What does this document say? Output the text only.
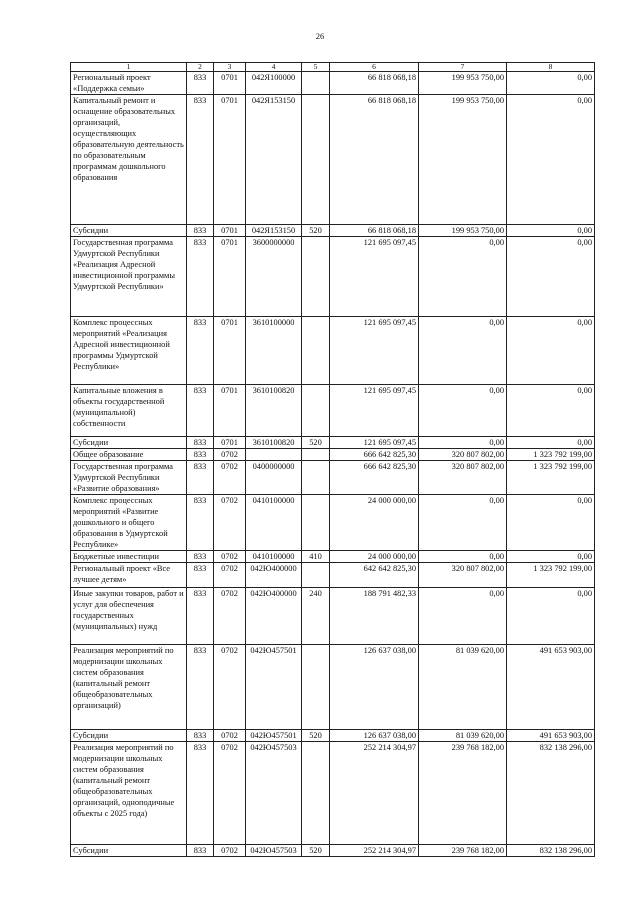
26
1	2	3	4	5	6	7	8
Региональный проект «Поддержка семьи»	833	0701	042Я100000		66 818 068,18	199 953 750,00	0,00
Капитальный ремонт и оснащение образовательных организаций, осуществляющих образовательную деятельность по образовательным программам дошкольного образования	833	0701	042Я153150		66 818 068,18	199 953 750,00	0,00
Субсидии	833	0701	042Я153150	520	66 818 068,18	199 953 750,00	0,00
Государственная программа Удмуртской Республики «Реализация Адресной инвестиционной программы Удмуртской Республики»	833	0701	3600000000		121 695 097,45	0,00	0,00
Комплекс процессных мероприятий «Реализация Адресной инвестиционной программы Удмуртской Республики»	833	0701	3610100000		121 695 097,45	0,00	0,00
Капитальные вложения в объекты государственной (муниципальной) собственности	833	0701	3610100820		121 695 097,45	0,00	0,00
Субсидии	833	0701	3610100820	520	121 695 097,45	0,00	0,00
Общее образование	833	0702			666 642 825,30	320 807 802,00	1 323 792 199,00
Государственная программа Удмуртской Республики «Развитие образования»	833	0702	0400000000		666 642 825,30	320 807 802,00	1 323 792 199,00
Комплекс процессных мероприятий «Развитие дошкольного и общего образования в Удмуртской Республике»	833	0702	0410100000		24 000 000,00	0,00	0,00
Бюджетные инвестиции	833	0702	0410100000	410	24 000 000,00	0,00	0,00
Региональный проект «Все лучшее детям»	833	0702	042Ю400000		642 642 825,30	320 807 802,00	1 323 792 199,00
Иные закупки товаров, работ и услуг для обеспечения государственных (муниципальных) нужд	833	0702	042Ю400000	240	188 791 482,33	0,00	0,00
Реализация мероприятий по модернизации школьных систем образования (капитальный ремонт общеобразовательных организаций)	833	0702	042Ю457501		126 637 038,00	81 039 620,00	491 653 903,00
Субсидии	833	0702	042Ю457501	520	126 637 038,00	81 039 620,00	491 653 903,00
Реализация мероприятий по модернизации школьных систем образования (капитальный ремонт общеобразовательных организаций, одноподичные объекты с 2025 года)	833	0702	042Ю457503		252 214 304,97	239 768 182,00	832 138 296,00
Субсидии	833	0702	042Ю457503	520	252 214 304,97	239 768 182,00	832 138 296,00
